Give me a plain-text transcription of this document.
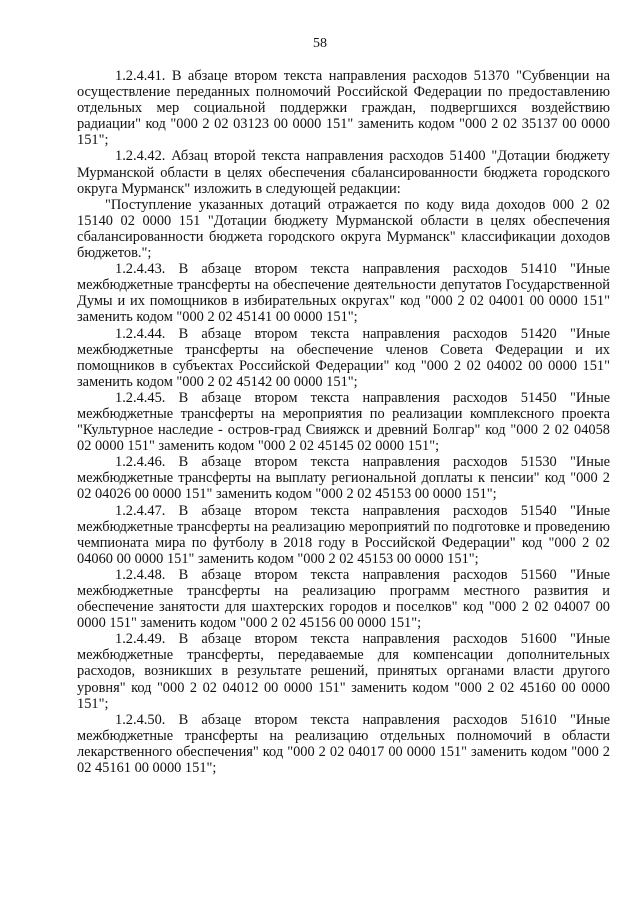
58

1.2.4.41. В абзаце втором текста направления расходов 51370 "Субвенции на осуществление переданных полномочий Российской Федерации по предоставлению отдельных мер социальной поддержки граждан, подвергшихся воздействию радиации" код "000 2 02 03123 00 0000 151" заменить кодом "000 2 02 35137 00 0000 151";

1.2.4.42. Абзац второй текста направления расходов 51400 "Дотации бюджету Мурманской области в целях обеспечения сбалансированности бюджета городского округа Мурманск" изложить в следующей редакции:

"Поступление указанных дотаций отражается по коду вида доходов 000 2 02 15140 02 0000 151 "Дотации бюджету Мурманской области в целях обеспечения сбалансированности бюджета городского округа Мурманск" классификации доходов бюджетов.";

1.2.4.43. В абзаце втором текста направления расходов 51410 "Иные межбюджетные трансферты на обеспечение деятельности депутатов Государственной Думы и их помощников в избирательных округах" код "000 2 02 04001 00 0000 151" заменить кодом "000 2 02 45141 00 0000 151";

1.2.4.44. В абзаце втором текста направления расходов 51420 "Иные межбюджетные трансферты на обеспечение членов Совета Федерации и их помощников в субъектах Российской Федерации" код "000 2 02 04002 00 0000 151" заменить кодом "000 2 02 45142 00 0000 151";

1.2.4.45. В абзаце втором текста направления расходов 51450 "Иные межбюджетные трансферты на мероприятия по реализации комплексного проекта "Культурное наследие - остров-град Свияжск и древний Болгар" код "000 2 02 04058 02 0000 151" заменить кодом "000 2 02 45145 02 0000 151";

1.2.4.46. В абзаце втором текста направления расходов 51530 "Иные межбюджетные трансферты на выплату региональной доплаты к пенсии" код "000 2 02 04026 00 0000 151" заменить кодом "000 2 02 45153 00 0000 151";

1.2.4.47. В абзаце втором текста направления расходов 51540 "Иные межбюджетные трансферты на реализацию мероприятий по подготовке и проведению чемпионата мира по футболу в 2018 году в Российской Федерации" код "000 2 02 04060 00 0000 151" заменить кодом "000 2 02 45153 00 0000 151";

1.2.4.48. В абзаце втором текста направления расходов 51560 "Иные межбюджетные трансферты на реализацию программ местного развития и обеспечение занятости для шахтерских городов и поселков" код "000 2 02 04007 00 0000 151" заменить кодом "000 2 02 45156 00 0000 151";

1.2.4.49. В абзаце втором текста направления расходов 51600 "Иные межбюджетные трансферты, передаваемые для компенсации дополнительных расходов, возникших в результате решений, принятых органами власти другого уровня" код "000 2 02 04012 00 0000 151" заменить кодом "000 2 02 45160 00 0000 151";

1.2.4.50. В абзаце втором текста направления расходов 51610 "Иные межбюджетные трансферты на реализацию отдельных полномочий в области лекарственного обеспечения" код "000 2 02 04017 00 0000 151" заменить кодом "000 2 02 45161 00 0000 151";
